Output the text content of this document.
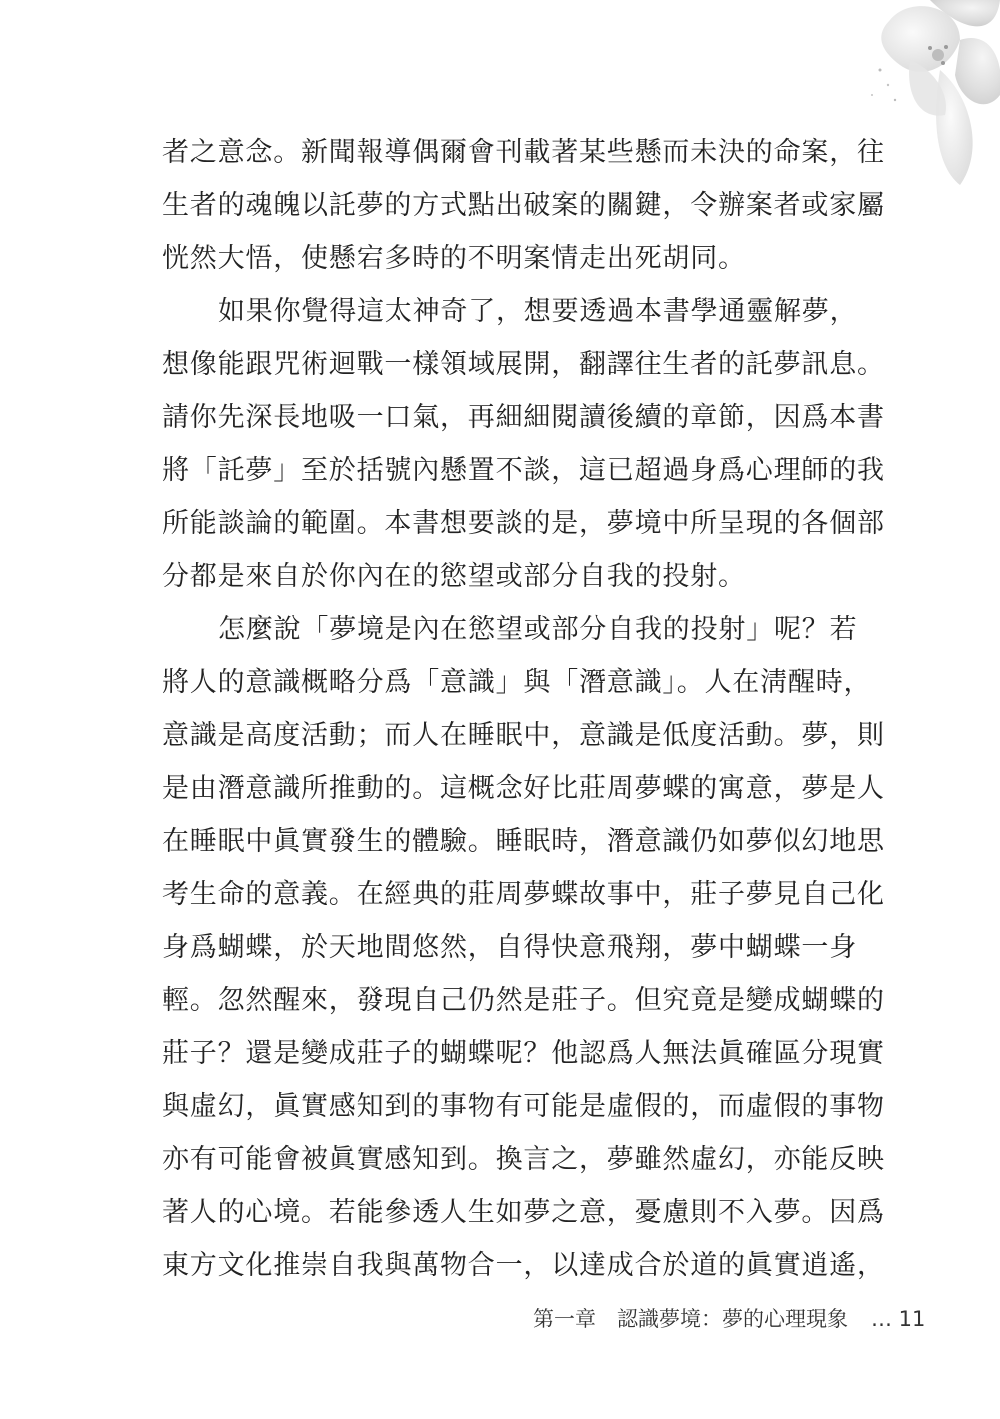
者之意念。新聞報導偶爾會刊載著某些懸而未決的命案，往
生者的魂魄以託夢的方式點出破案的關鍵，令辦案者或家屬
恍然大悟，使懸宕多時的不明案情走出死胡同。

如果你覺得這太神奇了，想要透過本書學通靈解夢，
想像能跟咒術迴戰一樣領域展開，翻譯往生者的託夢訊息。
請你先深長地吸一口氣，再細細閱讀後續的章節，因爲本書
將「託夢」至於括號內懸置不談，這已超過身爲心理師的我
所能談論的範圍。本書想要談的是，夢境中所呈現的各個部
分都是來自於你內在的慾望或部分自我的投射。

怎麼說「夢境是內在慾望或部分自我的投射」呢？若
將人的意識概略分爲「意識」與「潛意識」。人在淸醒時，
意識是高度活動；而人在睡眠中，意識是低度活動。夢，則
是由潛意識所推動的。這概念好比莊周夢蝶的寓意，夢是人
在睡眠中眞實發生的體驗。睡眠時，潛意識仍如夢似幻地思
考生命的意義。在經典的莊周夢蝶故事中，莊子夢見自己化
身爲蝴蝶，於天地間悠然，自得快意飛翔，夢中蝴蝶一身
輕。忽然醒來，發現自己仍然是莊子。但究竟是變成蝴蝶的
莊子？還是變成莊子的蝴蝶呢？他認爲人無法眞確區分現實
與虛幻，眞實感知到的事物有可能是虛假的，而虛假的事物
亦有可能會被眞實感知到。換言之，夢雖然虛幻，亦能反映
著人的心境。若能參透人生如夢之意，憂慮則不入夢。因爲
東方文化推崇自我與萬物合一，以達成合於道的眞實逍遙，

第一章　認識夢境：夢的心理現象 … 11
